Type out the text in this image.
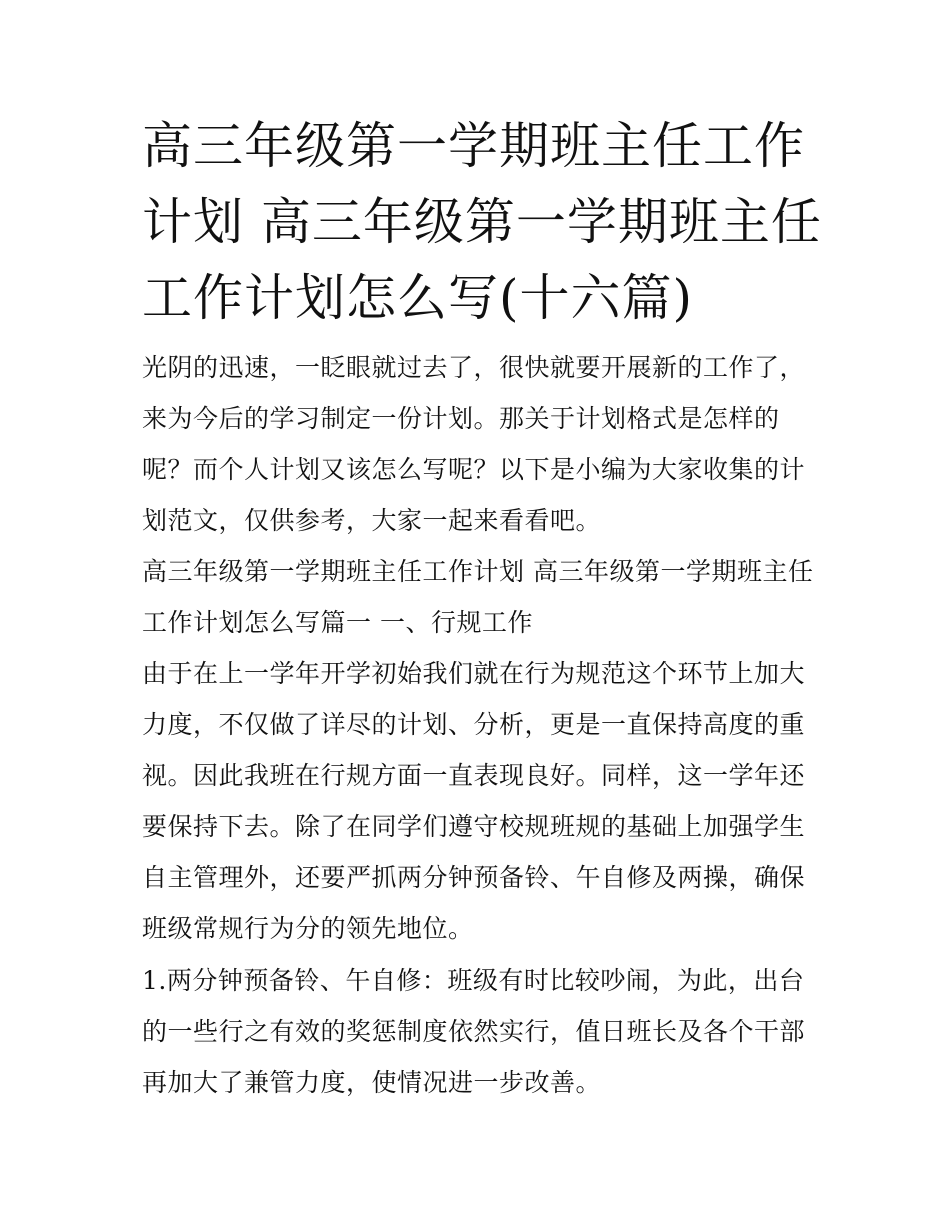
高三年级第一学期班主任工作计划 高三年级第一学期班主任工作计划怎么写(十六篇)

光阴的迅速，一眨眼就过去了，很快就要开展新的工作了，来为今后的学习制定一份计划。那关于计划格式是怎样的呢？而个人计划又该怎么写呢？以下是小编为大家收集的计划范文，仅供参考，大家一起来看看吧。

高三年级第一学期班主任工作计划 高三年级第一学期班主任工作计划怎么写篇一 一、行规工作

由于在上一学年开学初始我们就在行为规范这个环节上加大力度，不仅做了详尽的计划、分析，更是一直保持高度的重视。因此我班在行规方面一直表现良好。同样，这一学年还要保持下去。除了在同学们遵守校规班规的基础上加强学生自主管理外，还要严抓两分钟预备铃、午自修及两操，确保班级常规行为分的领先地位。

1.两分钟预备铃、午自修：班级有时比较吵闹，为此，出台的一些行之有效的奖惩制度依然实行，值日班长及各个干部再加大了兼管力度，使情况进一步改善。
